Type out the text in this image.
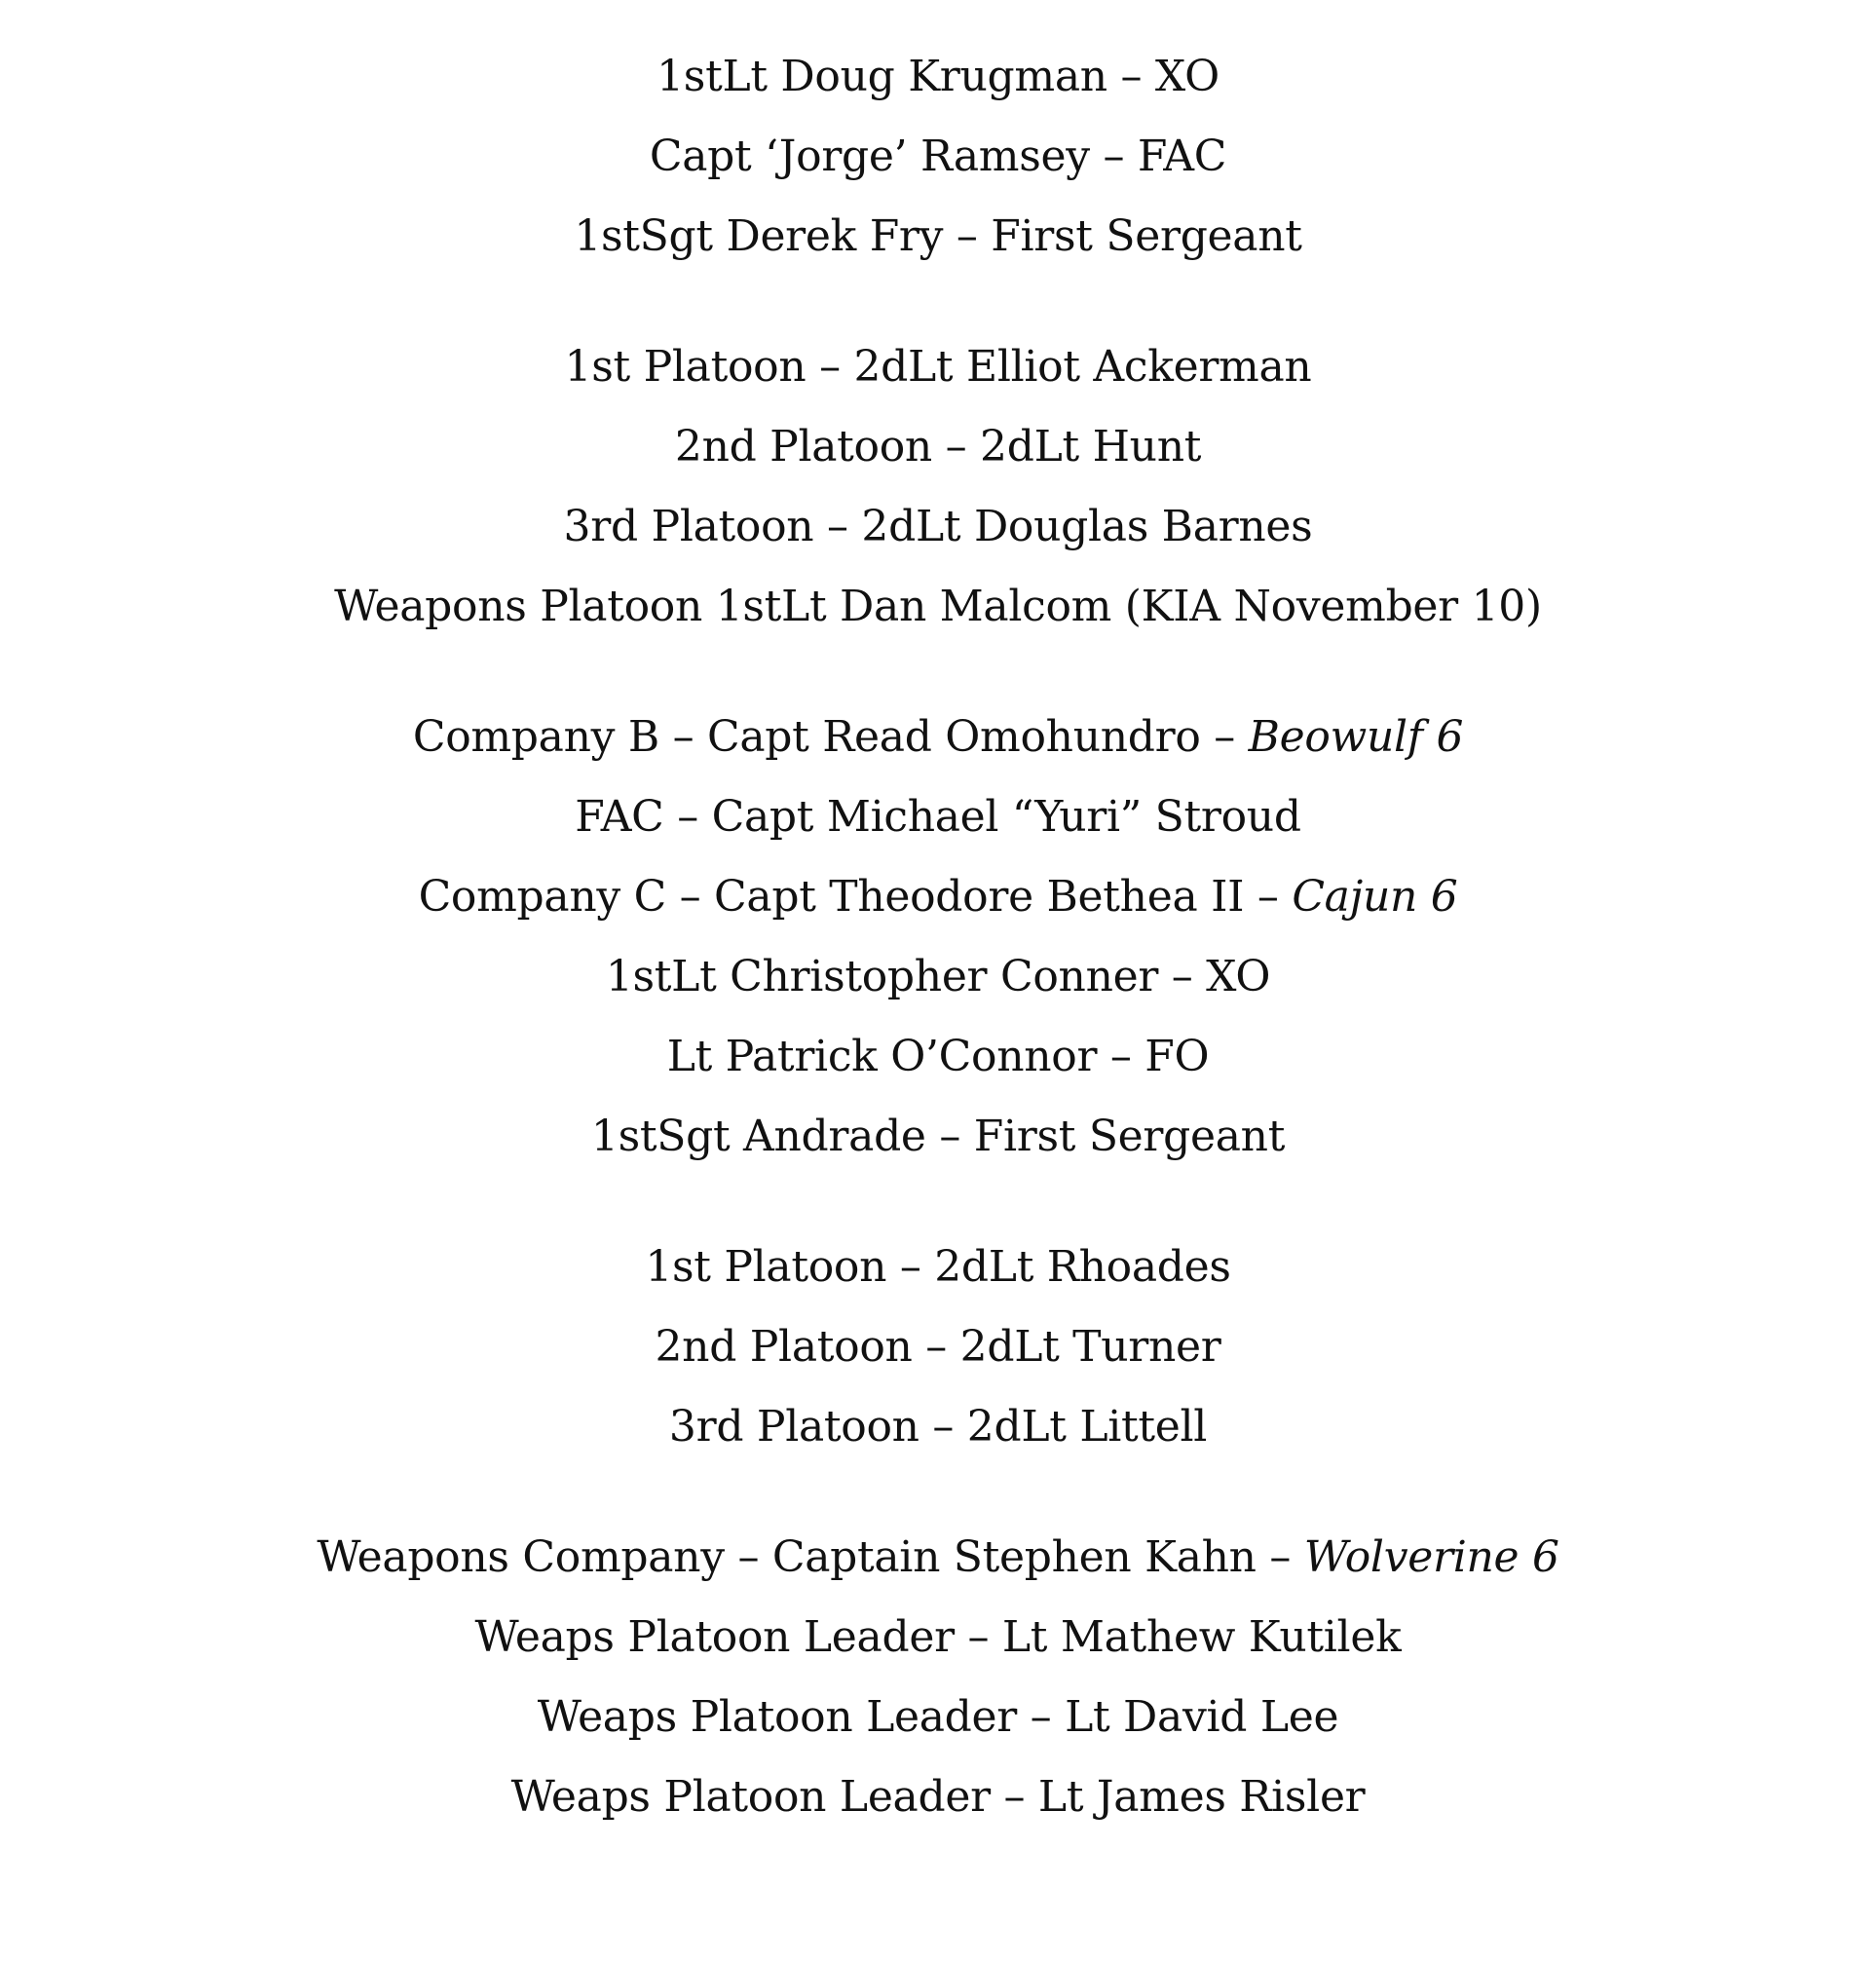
1stLt Doug Krugman – XO
Capt ‘Jorge’ Ramsey – FAC
1stSgt Derek Fry – First Sergeant
1st Platoon – 2dLt Elliot Ackerman
2nd Platoon – 2dLt Hunt
3rd Platoon – 2dLt Douglas Barnes
Weapons Platoon 1stLt Dan Malcom (KIA November 10)
Company B – Capt Read Omohundro – Beowulf 6
FAC – Capt Michael “Yuri” Stroud
Company C – Capt Theodore Bethea II – Cajun 6
1stLt Christopher Conner – XO
Lt Patrick O’Connor – FO
1stSgt Andrade – First Sergeant
1st Platoon – 2dLt Rhoades
2nd Platoon – 2dLt Turner
3rd Platoon – 2dLt Littell
Weapons Company – Captain Stephen Kahn – Wolverine 6
Weaps Platoon Leader – Lt Mathew Kutilek
Weaps Platoon Leader – Lt David Lee
Weaps Platoon Leader – Lt James Risler
